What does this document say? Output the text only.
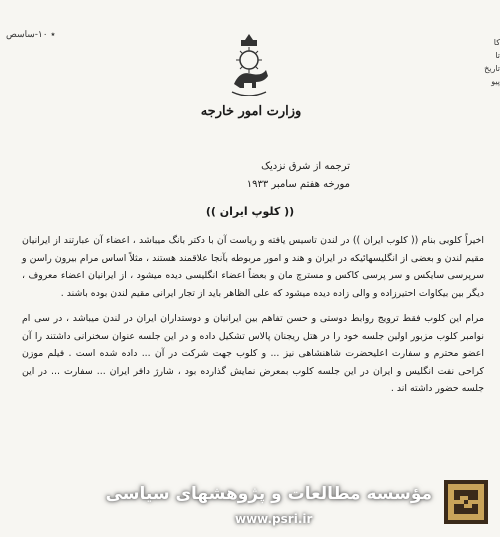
٭ ١٠-ساسص
وزارت امور خارجه
کا
تا
تاریخ
پیو
ترجمه از شرق نزدیک
مورخه هفتم سامبر ۱۹۳۳
(( کلوپ ایران ))

اخیراً کلوبی بنام (( کلوب ایران )) در لندن تاسیس یافته و ریاست آن با دکتر بانگ میباشد ، اعضاء آن عبارتند از ایرانیان مقیم لندن و بعضی از انگلیسهائیکه در ایران و هند و امور مربوطه بآنجا علاقمند هستند ، مثلاً اساس مرام بیرون راسن و سرپرسی سایکس و سر پرسی کاکس و مسترچ مان و بعضاً اعضاء انگلیسی دیده میشود ، از ایرانیان اعضاء معروف ، دیگر بین بیکاوات احتیرزاده و والی زاده دیده میشود که علی الظاهر باید از تجار ایرانی مقیم لندن بوده باشند .

مرام این کلوب فقط ترویج روابط دوستی و حسن تفاهم بین ایرانیان و دوستداران ایران در لندن میباشد ، در سی ام نوامبر کلوب مزبور اولین جلسه خود را در هتل ریجنان پالاس تشکیل داده و در این جلسه عنوان سخنرانی داشتند را آن اعضو محترم و سفارت اعلیحضرت شاهنشاهی نیز ... و کلوب جهت شرکت در آن ... داده شده است . فیلم موزن کراحی نفت انگلیس و ایران در این جلسه کلوب بمعرض نمایش گذارده بود ، شارژ دافر ایران ... سفارت ... در این جلسه حضور داشته اند .

مؤسسه مطالعات و پژوهشهای سیاسی
www.psri.ir
